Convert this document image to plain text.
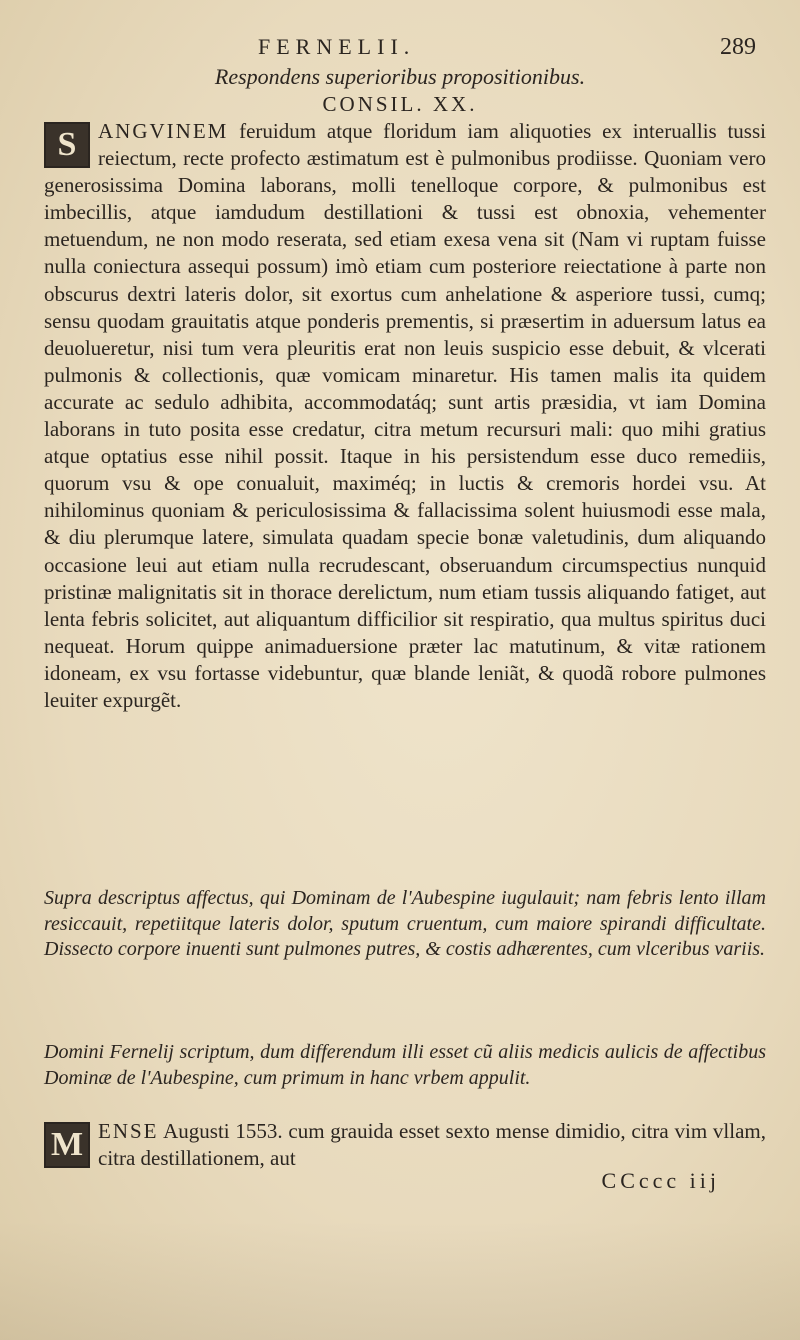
FERNELII.	289
Respondens superioribus propositionibus.
CONSIL. XX.

S ANGVINEM feruidum atque floridum iam aliquoties ex interuallis tussi reiectum, recte profecto æstimatum est è pulmonibus prodiisse. Quoniam vero generosissima Domina laborans, molli tenelloque corpore, & pulmonibus est imbecillis, atque iamdudum destillationi & tussi est obnoxia, vehementer metuendum, ne non modo reserata, sed etiam exesa vena sit (Nam vi ruptam fuisse nulla coniectura assequi possum) imò etiam cum posteriore reiectatione à parte non obscurus dextri lateris dolor, sit exortus cum anhelatione & asperiore tussi, cumq; sensu quodam grauitatis atque ponderis prementis, si præsertim in aduersum latus ea deuolueretur, nisi tum vera pleuritis erat non leuis suspicio esse debuit, & vlcerati pulmonis & collectionis, quæ vomicam minaretur. His tamen malis ita quidem accurate ac sedulo adhibita, accommodatáq; sunt artis præsidia, vt iam Domina laborans in tuto posita esse credatur, citra metum recursuri mali: quo mihi gratius atque optatius esse nihil possit. Itaque in his persistendum esse duco remediis, quorum vsu & ope conualuit, maximéq; in luctis & cremoris hordei vsu. At nihilominus quoniam & periculosissima & fallacissima solent huiusmodi esse mala, & diu plerumque latere, simulata quadam specie bonæ valetudinis, dum aliquando occasione leui aut etiam nulla recrudescant, obseruandum circumspectius nunquid pristinæ malignitatis sit in thorace derelictum, num etiam tussis aliquando fatiget, aut lenta febris solicitet, aut aliquantum difficilior sit respiratio, qua multus spiritus duci nequeat. Horum quippe animaduersione præter lac matutinum, & vitæ rationem idoneam, ex vsu fortasse videbuntur, quæ blande leniãt, & quodã robore pulmones leuiter expurgẽt.

Supra descriptus affectus, qui Dominam de l'Aubespine iugulauit; nam febris lento illam resiccauit, repetiitque lateris dolor, sputum cruentum, cum maiore spirandi difficultate. Dissecto corpore inuenti sunt pulmones putres, & costis adhærentes, cum vlceribus variis.
Domini Fernelij scriptum, dum differendum illi esset cũ aliis medicis aulicis de affectibus Dominæ de l'Aubespine, cum primum in hanc vrbem appulit.
M ENSE Augusti 1553. cum grauida esset sexto mense dimidio, citra vim vllam, citra destillationem, aut
CCccc iij
